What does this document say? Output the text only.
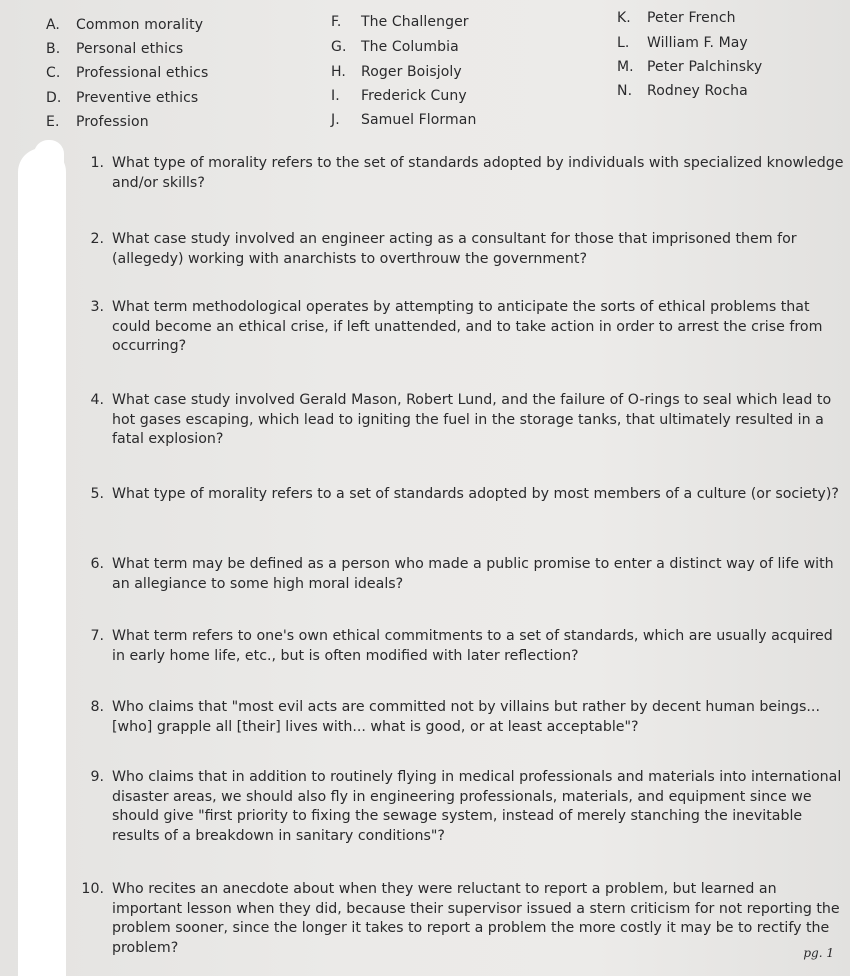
A. Common morality
B. Personal ethics
C. Professional ethics
D. Preventive ethics
E. Profession
F. The Challenger
G. The Columbia
H. Roger Boisjoly
I. Frederick Cuny
J. Samuel Florman
K. Peter French
L. William F. May
M. Peter Palchinsky
N. Rodney Rocha
1. What type of morality refers to the set of standards adopted by individuals with specialized knowledge and/or skills?
2. What case study involved an engineer acting as a consultant for those that imprisoned them for (allegedy) working with anarchists to overthrouw the government?
3. What term methodological operates by attempting to anticipate the sorts of ethical problems that could become an ethical crise, if left unattended, and to take action in order to arrest the crise from occurring?
4. What case study involved Gerald Mason, Robert Lund, and the failure of O-rings to seal which lead to hot gases escaping, which lead to igniting the fuel in the storage tanks, that ultimately resulted in a fatal explosion?
5. What type of morality refers to a set of standards adopted by most members of a culture (or society)?
6. What term may be defined as a person who made a public promise to enter a distinct way of life with an allegiance to some high moral ideals?
7. What term refers to one's own ethical commitments to a set of standards, which are usually acquired in early home life, etc., but is often modified with later reflection?
8. Who claims that "most evil acts are committed not by villains but rather by decent human beings... [who] grapple all [their] lives with... what is good, or at least acceptable"?
9. Who claims that in addition to routinely flying in medical professionals and materials into international disaster areas, we should also fly in engineering professionals, materials, and equipment since we should give "first priority to fixing the sewage system, instead of merely stanching the inevitable results of a breakdown in sanitary conditions"?
10. Who recites an anecdote about when they were reluctant to report a problem, but learned an important lesson when they did, because their supervisor issued a stern criticism for not reporting the problem sooner, since the longer it takes to report a problem the more costly it may be to rectify the problem?	pg. 1
